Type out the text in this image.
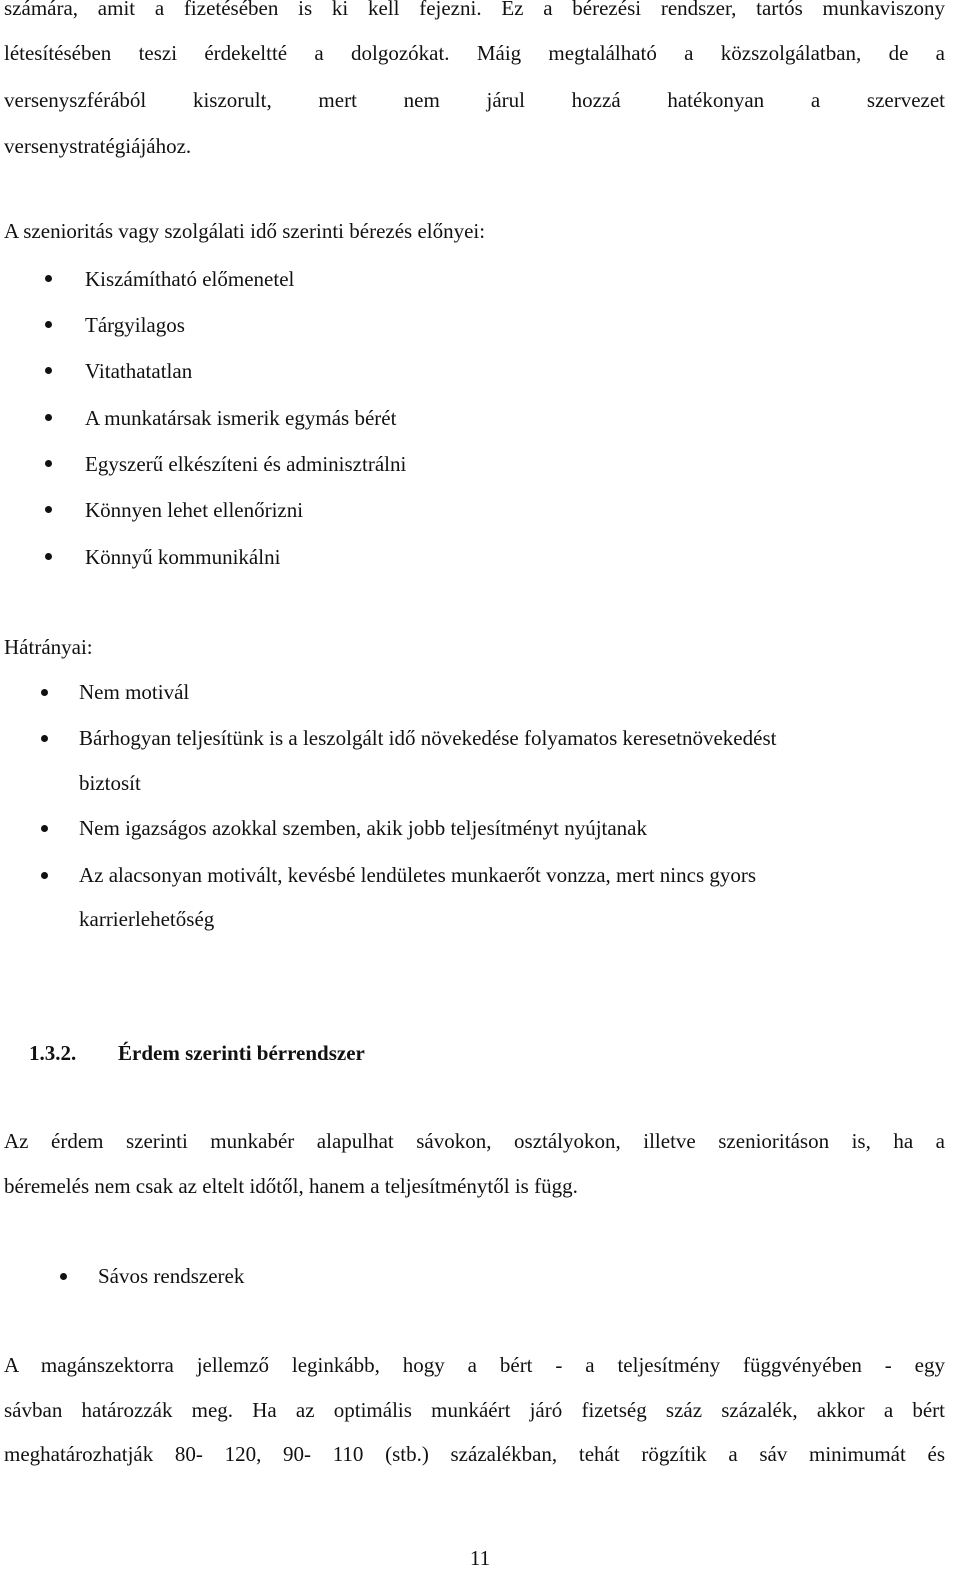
számára, amit a fizetésében is ki kell fejezni. Ez a bérezési rendszer, tartós munkaviszony
létesítésében teszi érdekeltté a dolgozókat. Máig megtalálható a közszolgálatban, de a
versenyszférából kiszorult, mert nem járul hozzá hatékonyan a szervezet
versenystratégiájához.
A szenioritás vagy szolgálati idő szerinti bérezés előnyei:
Kiszámítható előmenetel
Tárgyilagos
Vitathatatlan
A munkatársak ismerik egymás bérét
Egyszerű elkészíteni és adminisztrálni
Könnyen lehet ellenőrizni
Könnyű kommunikálni
Hátrányai:
Nem motivál
Bárhogyan teljesítünk is a leszolgált idő növekedése folyamatos keresetnövekedést
biztosít
Nem igazságos azokkal szemben, akik jobb teljesítményt nyújtanak
Az alacsonyan motivált, kevésbé lendületes munkaerőt vonzza, mert nincs gyors
karrierlehetőség
1.3.2. Érdem szerinti bérrendszer
Az érdem szerinti munkabér alapulhat sávokon, osztályokon, illetve szenioritáson is, ha a
béremelés nem csak az eltelt időtől, hanem a teljesítménytől is függ.
Sávos rendszerek
A magánszektorra jellemző leginkább, hogy a bért - a teljesítmény függvényében - egy
sávban határozzák meg. Ha az optimális munkáért járó fizetség száz százalék, akkor a bért
meghatározhatják 80- 120, 90- 110 (stb.) százalékban, tehát rögzítik a sáv minimumát és
11
